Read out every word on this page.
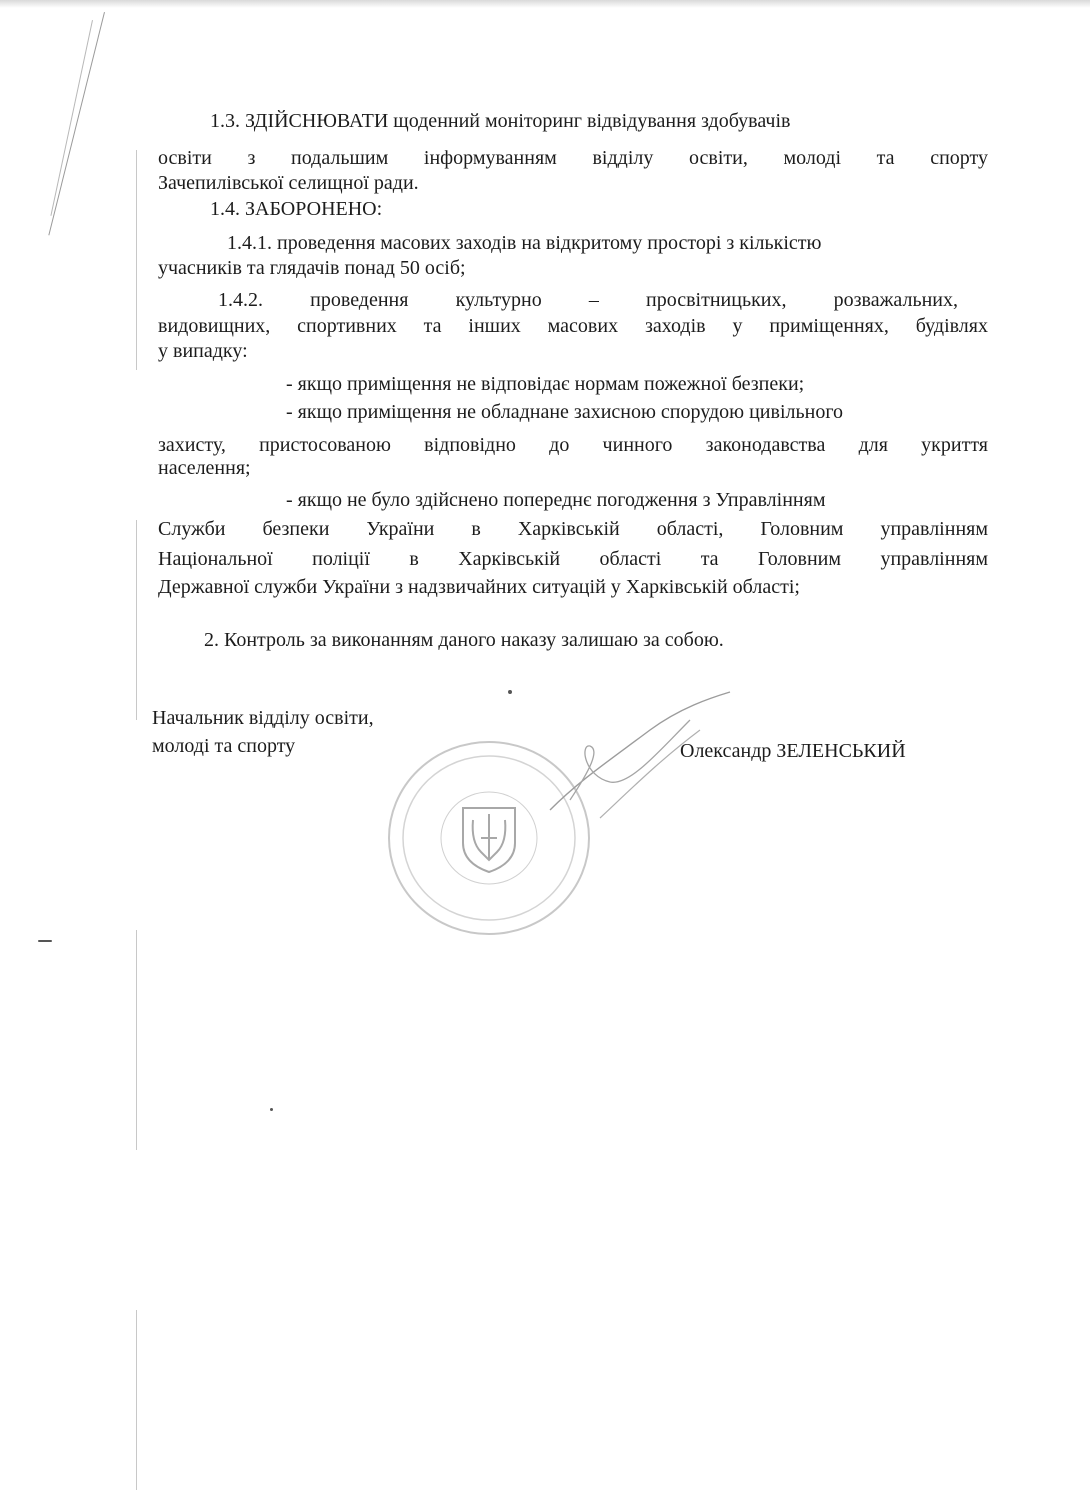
1.3. ЗДІЙСНЮВАТИ щоденний моніторинг відвідування здобувачів
освіти з подальшим інформуванням відділу освіти, молоді та спорту
Зачепилівської селищної ради.
1.4. ЗАБОРОНЕНО:
1.4.1. проведення масових заходів на відкритому просторі з кількістю
учасників та глядачів понад 50 осіб;
1.4.2. проведення культурно – просвітницьких, розважальних,
видовищних, спортивних та інших масових заходів у приміщеннях, будівлях
у випадку:
- якщо приміщення не відповідає нормам пожежної безпеки;
- якщо приміщення не обладнане захисною спорудою цивільного
захисту, пристосованою відповідно до чинного законодавства для укриття
населення;
- якщо не було здійснено попереднє погодження з Управлінням
Служби безпеки України в Харківській області, Головним управлінням
Національної поліції в Харківській області та Головним управлінням
Державної служби України з надзвичайних ситуацій у Харківській області;
2. Контроль за виконанням даного наказу залишаю за собою.
Начальник відділу освіти,
молоді та спорту	Олександр ЗЕЛЕНСЬКИЙ
